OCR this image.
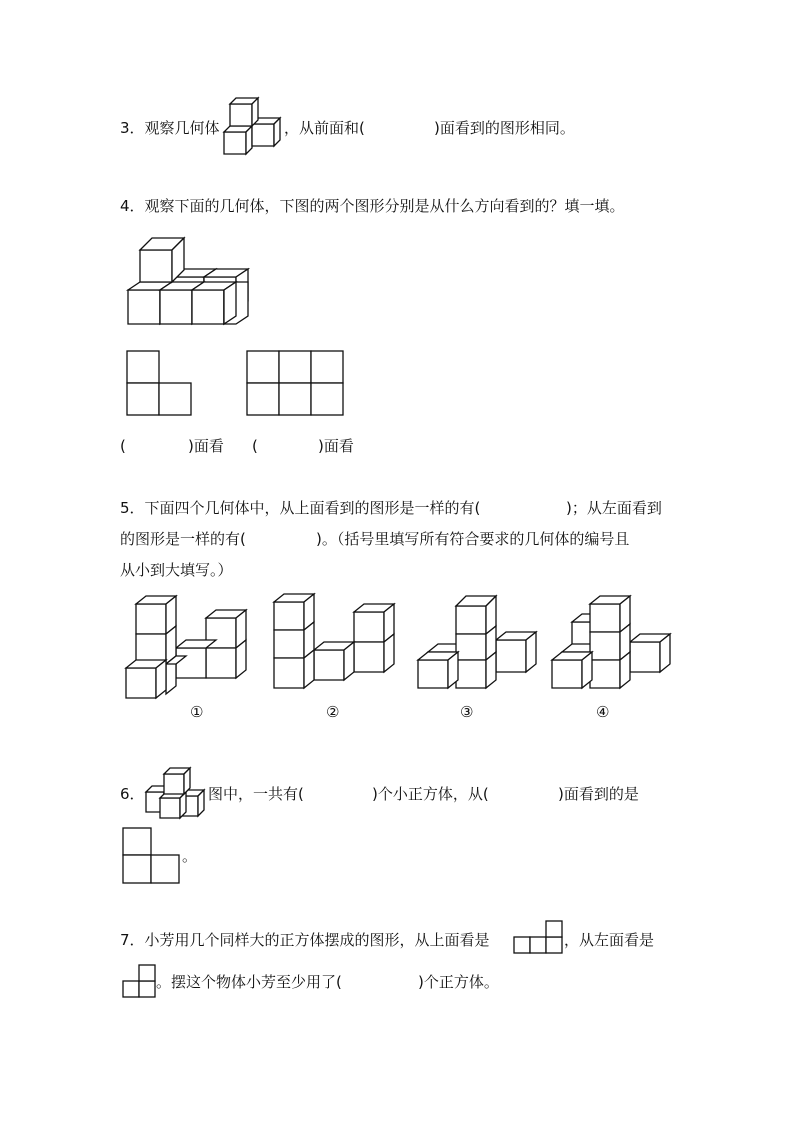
3．观察几何体	，从前面和(	)面看到的图形相同。
4．观察下面的几何体，下图的两个图形分别是从什么方向看到的？填一填。
(	)面看 (	)面看
5．下面四个几何体中，从上面看到的图形是一样的有(	)；从左面看到
的图形是一样的有(	)。（括号里填写所有符合要求的几何体的编号且
从小到大填写。）
①	②	③	④
6．	图中，一共有(	)个小正方体，从(	)面看到的是
。
7．小芳用几个同样大的正方体摆成的图形，从上面看是	，从左面看是
。摆这个物体小芳至少用了(	)个正方体。
